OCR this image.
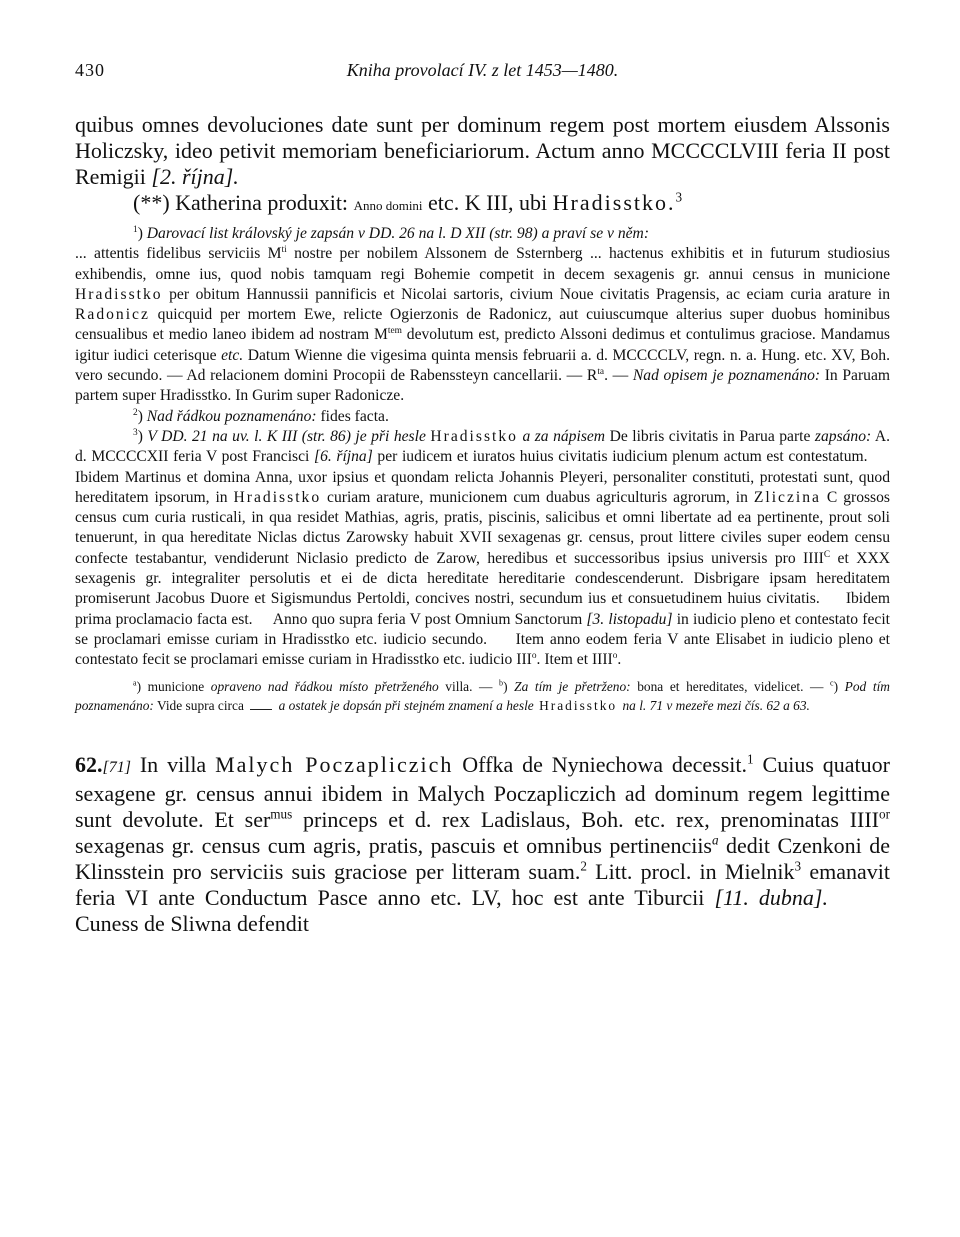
Kniha provolací IV. z let 1453—1480.
430

quibus omnes devoluciones date sunt per dominum regem post mortem eiusdem Alssonis Holiczsky, ideo petivit memoriam beneficiariorum. Actum anno MCCCCLVIII feria II post Remigii [2. října].

(**) Katherina produxit: Anno domini etc. K III, ubi Hradisstko.$^3$

$^1$) Darovací list královský je zapsán v DD. 26 na l. D XII (str. 98) a praví se v něm:

... attentis fidelibus serviciis $M^{ti}$ nostre per nobilem Alssonem de Ssternberg ... hactenus exhibitis et in futurum studiosius exhibendis, omne ius, quod nobis tamquam regi Bohemie competit in decem sexagenis gr. annui census in municione Hradisstko per obitum Hannussii pannificis et Nicolai sartoris, civium Noue civitatis Pragensis, ac eciam curia arature in Radonicz quicquid per mortem Ewe, relicte Ogierzonis de Radonicz, aut cuiuscumque alterius super duobus hominibus censualibus et medio laneo ibidem ad nostram $M^{tem}$ devolutum est, predicto Alssoni dedimus et contulimus graciose. Mandamus igitur iudici ceterisque etc. Datum Wienne die vigesima quinta mensis februarii a. d. MCCCCLV, regn. n. a. Hung. etc. XV, Boh. vero secundo. — Ad relacionem domini Procopii de Rabenssteyn cancellarii. — $R^{ta}$. — Nad opisem je poznamenáno: In Paruam partem super Hradisstko. In Gurim super Radonicze.

$^2$) Nad řádkou poznamenáno: fides facta.

$^3$) V DD. 21 na uv. l. K III (str. 86) je při hesle Hradisstko a za nápisem De libris civitatis in Parua parte zapsáno: A. d. MCCCCXII feria V post Francisci [6. října] per iudicem et iuratos huius civitatis iudicium plenum actum est contestatum.      Ibidem Martinus et domina Anna, uxor ipsius et quondam relicta Johannis Pleyeri, personaliter constituti, protestati sunt, quod hereditatem ipsorum, in Hradisstko curiam arature, municionem cum duabus agriculturis agrorum, in Zliczina C grossos census cum curia rusticali, in qua residet Mathias, agris, pratis, piscinis, salicibus et omni libertate ad ea pertinente, prout soli tenuerunt, in qua hereditate Niclas dictus Zarowsky habuit XVII sexagenas gr. census, prout littere civiles super eodem censu confecte testabantur, vendiderunt Niclasio predicto de Zarow, heredibus et successoribus ipsius universis pro $IIII^C$ et XXX sexagenis gr. integraliter persolutis et ei de dicta hereditate hereditarie condescenderunt. Disbrigare ipsam hereditatem promiserunt Jacobus Duore et Sigismundus Pertoldi, concives nostri, secundum ius et consuetudinem huius civitatis. Ibidem prima proclamacio facta est. Anno quo supra feria V post Omnium Sanctorum [3. listopadu] in iudicio pleno et contestato fecit se proclamari emisse curiam in Hradisstko etc. iudicio secundo. Item anno eodem feria V ante Elisabet in iudicio pleno et contestato fecit se proclamari emisse curiam in Hradisstko etc. iudicio III$^o$. Item et IIII$^o$.

$^a$) municione opraveno nad řádkou místo přetrženého villa. — $^b$) Za tím je přetrženo: bona et hereditates, videlicet. — $^c$) Pod tím poznamenáno: Vide supra circa  a ostatek je dopsán při stejném znamení a hesle Hradisstko na l. 71 v mezeře mezi čís. 62 a 63.

62.[71] In villa Malych Poczapliczich Offka de Nyniechowa decessit.$^1$ Cuius quatuor sexagene gr. census annui ibidem in Malych Poczapliczich ad dominum regem legittime sunt devolute. Et ser$^{mus}$ princeps et d. rex Ladislaus, Boh. etc. rex, prenominatas $IIII^{or}$ sexagenas gr. census cum agris, pratis, pascuis et omnibus pertinenciis$^a$ dedit Czenkoni de Klinsstein pro serviciis suis graciose per litteram suam.$^2$ Litt. procl. in Mielnik$^3$ emanavit feria VI ante Conductum Pasce anno etc. LV, hoc est ante Tiburcii [11. dubna].Cuness de Sliwna defendit
